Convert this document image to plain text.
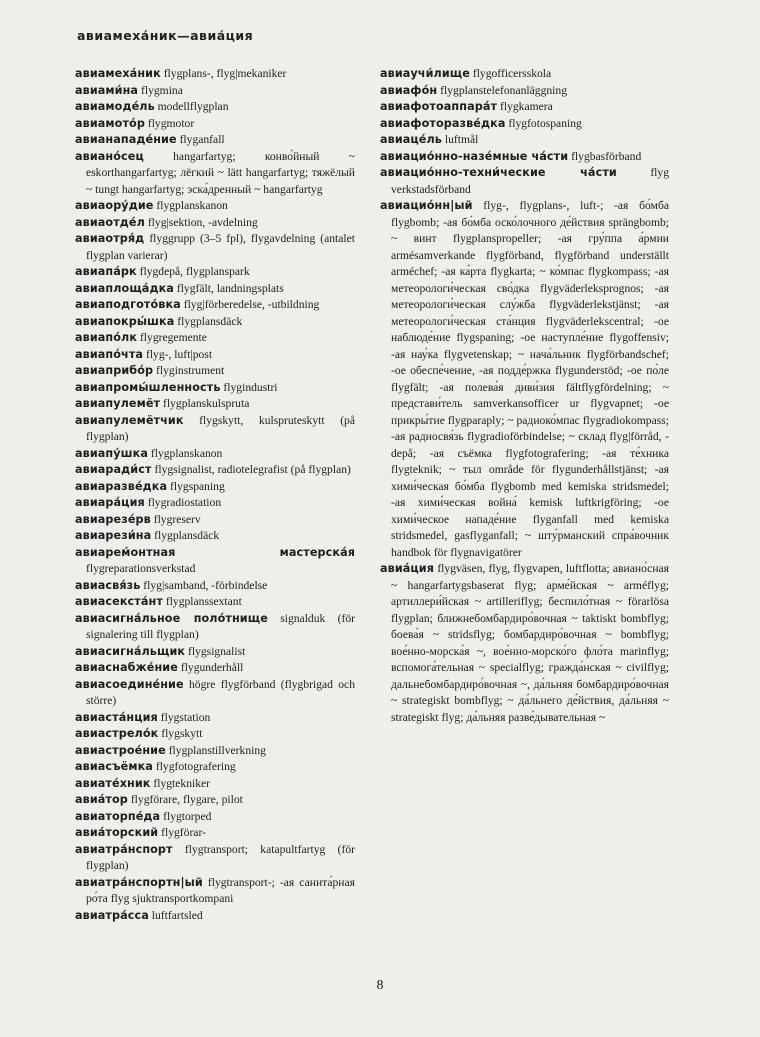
авиамеха́ник—авиа́ция

авиамеха́ник flygplans-, flyg|mekaniker

авиами́на flygmina

авиамоде́ль modellflygplan

авиамото́р flygmotor

авианападе́ние flyganfall

авиано́сец	hangarfartyg; конво́йный ~ eskorthangarfartyg; лёгкий ~ lätt hangarfartyg; тяжёлый ~ tungt hangarfartyg; эска́дренный ~ hangarfartyg

авиаору́дие flygplanskanon

авиаотде́л flyg|sektion, -avdelning

авиаотря́д flyggrupp (3–5 fpl), flygavdelning (antalet flygplan varierar)

авиапа́рк flygdepå, flygplanspark

авиаплоща́дка flygfält, landningsplats

авиаподгото́вка flyg|förberedelse, -utbildning

авиапокры́шка flygplansdäck

авиапо́лк flygregemente

авиапо́чта flyg-, luft|post

авиаприбо́р flyginstrument

авиапромы́шленность flygindustri

авиапулемёт flygplanskulspruta

авиапулемётчик flygskytt, kulspruteskytt (på flygplan)

авиапу́шка flygplanskanon

авиаради́ст flygsignalist, radiotelegrafist (på flygplan)

авиаразве́дка flygspaning

авиара́ция flygradiostation

авиарезе́рв flygreserv

авиарези́на flygplansdäck

авиарем́онтная мастерска́я flygreparationsverkstad

авиасвя́зь flyg|samband, -förbindelse

авиасекста́нт flygplanssextant

авиасигна́льное поло́тнище signalduk (för signalering till flygplan)

авиасигна́льщик flygsignalist

авиаснабже́ние flygunderhåll

авиасоедине́ние högre flygförband (flygbrigad och större)

авиаста́нция flygstation

авиастрело́к flygskytt

авиастрое́ние flygplanstillverkning

авиасъёмка flygfotografering

авиате́хник flygtekniker

авиа́тор flygförare, flygare, pilot

авиаторпе́да flygtorped

авиа́торский flygförar-

авиатра́нспорт flygtransport; katapultfartyg (för flygplan)

авиатра́нспортн|ый flygtransport-; -ая санита́рная ро́та flyg sjuktransportkompani

авиатра́сса luftfartsled

авиаучи́лище flygofficersskola

авиафо́н flygplanstelefonanläggning

авиафотоаппара́т flygkamera

авиафоторазве́дка flygfotospaning

авиаце́ль luftmål

авиацио́нно-назе́мные ча́сти flygbasförband

авиацио́нно-техни́ческие ча́сти	flyg verkstadsförband

авиацио́нн|ый flyg-, flygplans-, luft-; -ая бо́мба flygbomb; -ая бо́мба оско́лочного де́йствия sprängbomb; ~ винт flygplanspropeller; -ая гру́ппа а́рмии armésamverkande flygförband, flygförband underställt arméchef; -ая ка́рта flygkarta; ~ ко́мпас flygkompass; -ая метеорологи́ческая сво́дка flygväderleksprognos; -ая метеорологи́ческая слу́жба flygväderlekstjänst; -ая метеорологи́ческая ста́нция flygväderlekscentral; -ое наблюде́ние flygspaning; -ое наступле́ние flygoffensiv; -ая нау́ка flygvetenskap; ~ нача́льник flygförbandschef; -ое обеспе́чение, -ая подде́ржка flygunderstöd; -ое по́ле flygfält; -ая полева́я диви́зия fältflygfördelning; ~ представи́тель samverkansofficer ur flygvapnet; -ое прикры́тие flygparaply; ~ радиоко́мпас flygradiokompass; -ая радиосвя́зь flygradioförbindelse; ~ склад flyg|förråd, -depå; -ая съёмка flygfotografering; -ая те́хника flygteknik; ~ тыл område för flygunderhållstjänst; -ая хими́ческая бо́мба flygbomb med kemiska stridsmedel; -ая хими́ческая война́ kemisk luftkrigföring; -ое хими́ческое нападе́ние flyganfall med kemiska stridsmedel, gasflyganfall; ~ шту́рманский спра́вочник handbok för flygnavigatörer

авиа́ция flygväsen, flyg, flygvapen, luftflotta; авиано́сная ~ hangarfartygsbaserat flyg; арме́йская ~ arméflyg; артиллери́йская ~ artilleriflyg; беспило́тная ~ förarlösa flygplan; ближнебомбардиро́вочная ~ taktiskt bombflyg; боева́я ~ stridsflyg; бомбардиро́вочная ~ bombflyg; вое́нно-морска́я ~, вое́нно-морско́го фло́та marinflyg; вспомога́тельная ~ specialflyg; гражда́нская ~ civilflyg; дальнебомбардиро́вочная ~, да́льняя бомбардиро́вочная ~ strategiskt bombflyg; ~ да́льнего де́йствия, да́льняя ~ strategiskt flyg; да́льняя разве́дывательная ~

8
